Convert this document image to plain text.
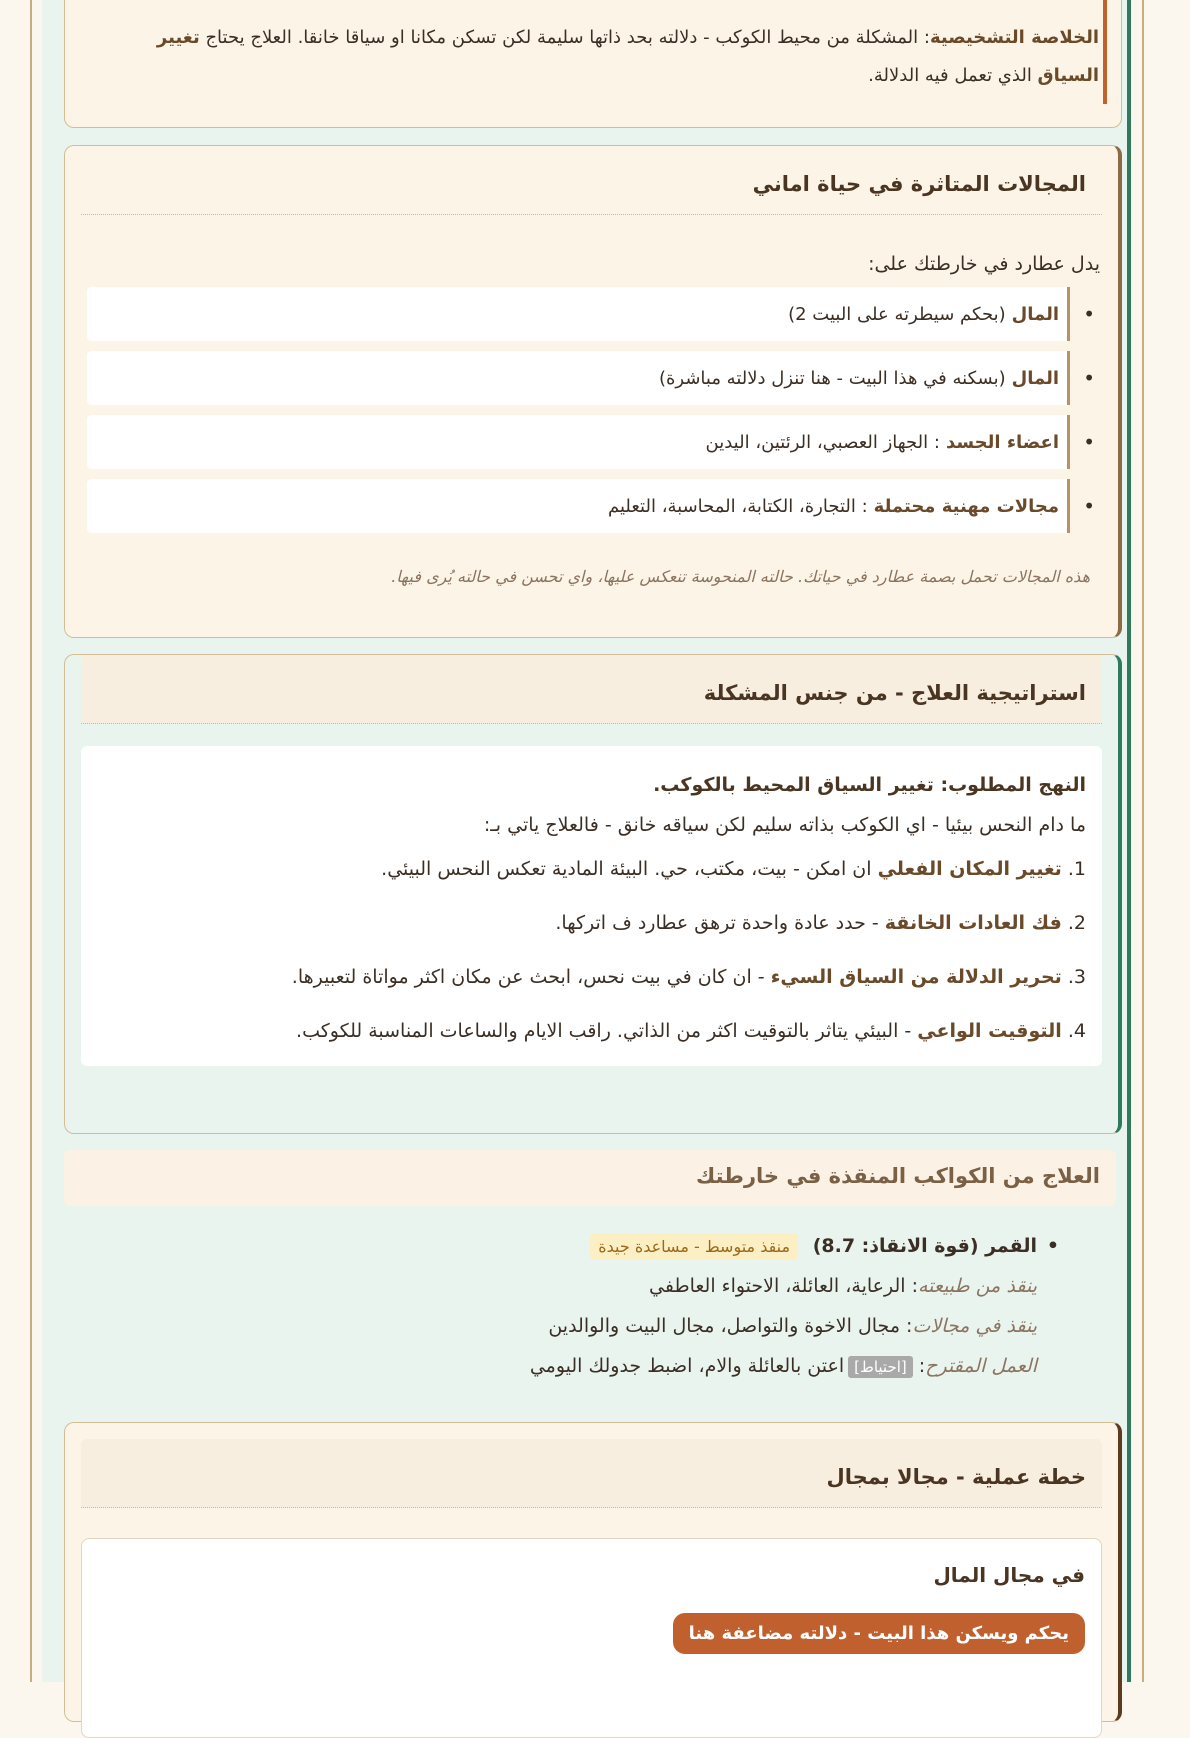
الخلاصة التشخيصية: المشكلة من محيط الكوكب - دلالته بحد ذاتها سليمة لكن تسكن مكانا او سياقا خانقا. العلاج يحتاج تغيير السياق الذي تعمل فيه الدلالة.
المجالات المتاثرة في حياة اماني
يدل عطارد في خارطتك على:
• المال
(بحكم سيطرته على البيت 2)
• المال
(بسكنه في هذا البيت - هنا تنزل دلالته مباشرة)
• اعضاء الجسد
: الجهاز العصبي، الرئتين، اليدين
• مجالات مهنية محتملة
: التجارة، الكتابة، المحاسبة، التعليم
هذه المجالات تحمل بصمة عطارد في حياتك. حالته المنحوسة تنعكس عليها، واي تحسن في حالته يُرى فيها.
استراتيجية العلاج - من جنس المشكلة
النهج المطلوب: تغيير السياق المحيط بالكوكب.
ما دام النحس بيئيا - اي الكوكب بذاته سليم لكن سياقه خانق - فالعلاج ياتي بـ:
1. تغيير المكان الفعلي ان امكن - بيت، مكتب، حي. البيئة المادية تعكس النحس البيئي.
2. فك العادات الخانقة - حدد عادة واحدة ترهق عطارد ف اتركها.
3. تحرير الدلالة من السياق السيء - ان كان في بيت نحس، ابحث عن مكان اكثر مواتاة لتعبيرها.
4. التوقيت الواعي - البيئي يتاثر بالتوقيت اكثر من الذاتي. راقب الايام والساعات المناسبة للكوكب.
العلاج من الكواكب المنقذة في خارطتك
• القمر (قوة الانقاذ: 8.7) منقذ متوسط - مساعدة جيدة
ينقذ من طبيعته: الرعاية، العائلة، الاحتواء العاطفي
ينقذ في مجالات: مجال الاخوة والتواصل، مجال البيت والوالدين
العمل المقترح: [احتياط]اعتن بالعائلة والام، اضبط جدولك اليومي
خطة عملية - مجالا بمجال
في مجال المال
يحكم ويسكن هذا البيت - دلالته مضاعفة هنا
